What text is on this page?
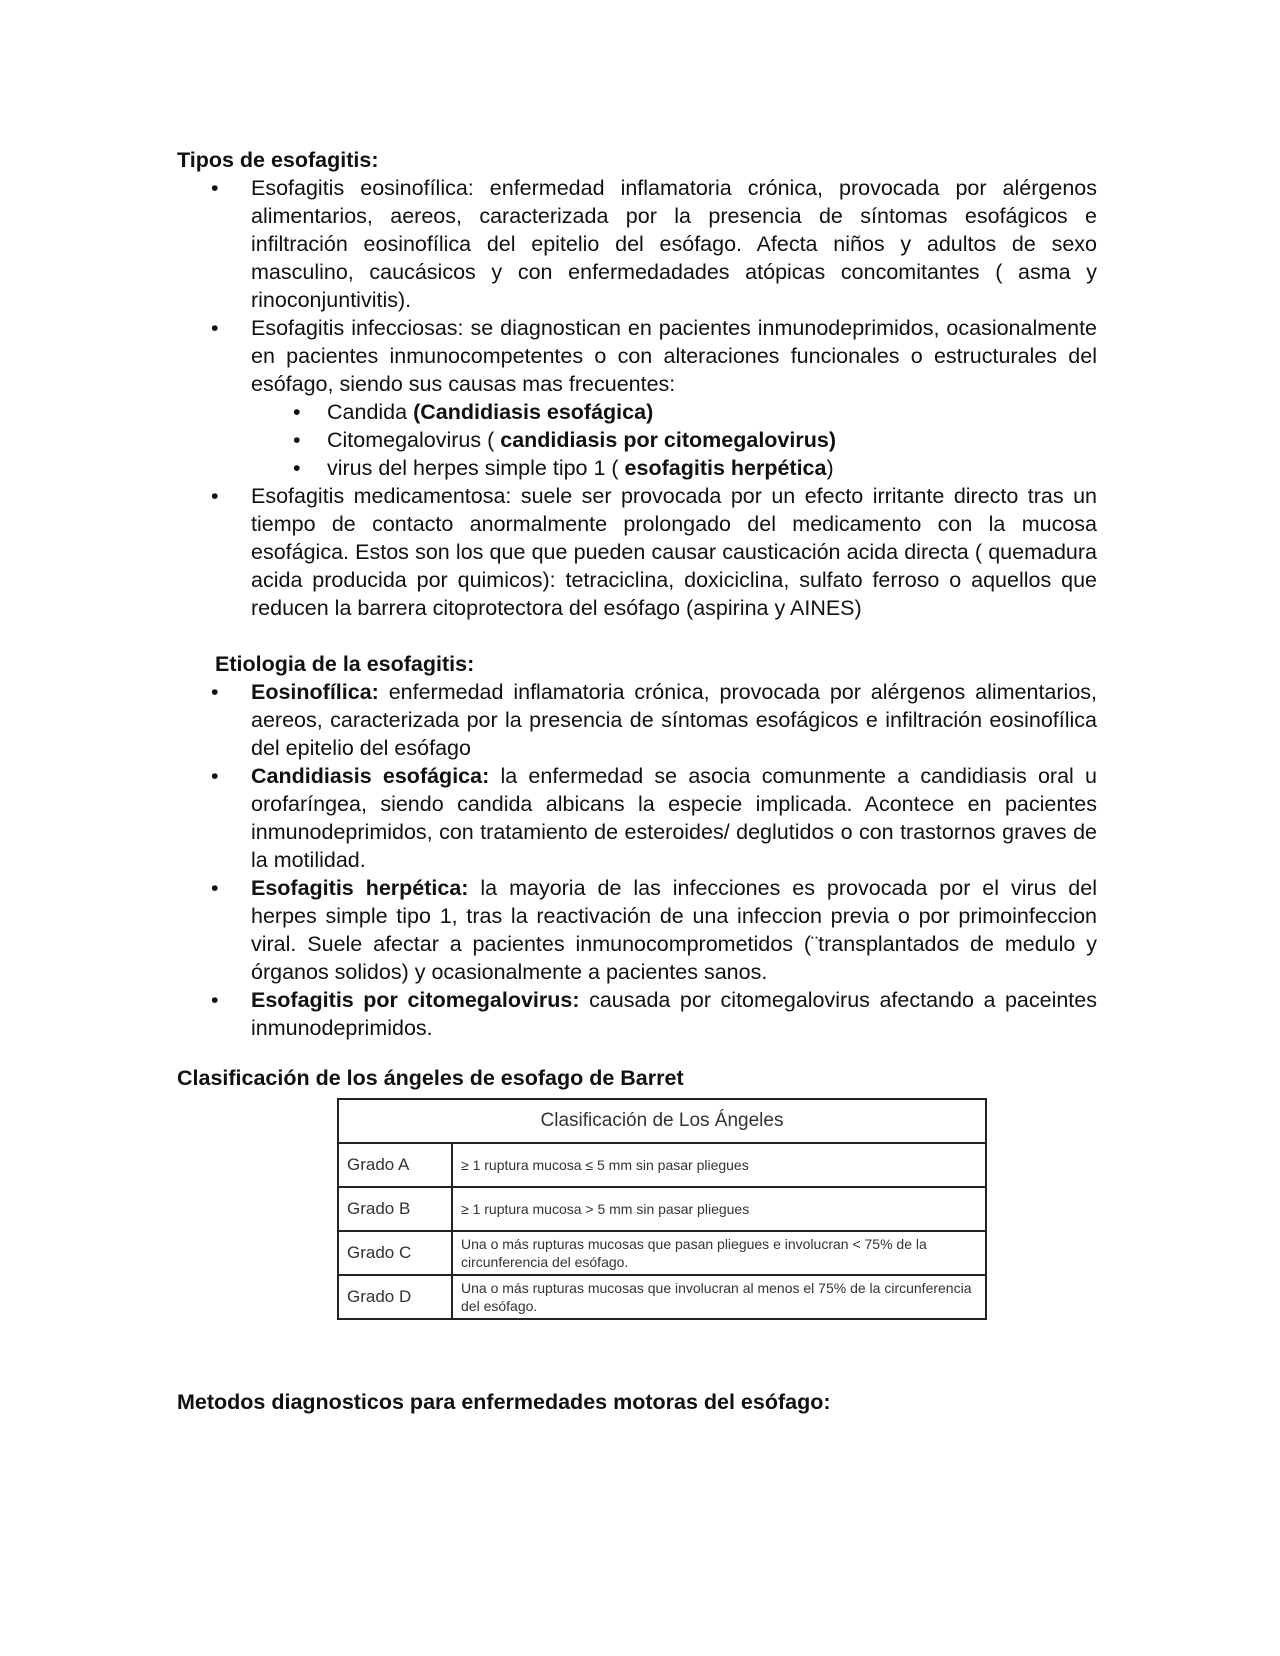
Tipos de esofagitis:
• Esofagitis eosinofílica: enfermedad inflamatoria crónica, provocada por alérgenos alimentarios, aereos, caracterizada por la presencia de síntomas esofágicos e infiltración eosinofílica del epitelio del esófago. Afecta niños y adultos de sexo masculino, caucásicos y con enfermedadades atópicas concomitantes ( asma y rinoconjuntivitis).
• Esofagitis infecciosas: se diagnostican en pacientes inmunodeprimidos, ocasionalmente en pacientes inmunocompetentes o con alteraciones funcionales o estructurales del esófago, siendo sus causas mas frecuentes:
• Candida (Candidiasis esofágica)
• Citomegalovirus ( candidiasis por citomegalovirus)
• virus del herpes simple tipo 1 ( esofagitis herpética)
• Esofagitis medicamentosa: suele ser provocada por un efecto irritante directo tras un tiempo de contacto anormalmente prolongado del medicamento con la mucosa esofágica. Estos son los que que pueden causar causticación acida directa ( quemadura acida producida por quimicos): tetraciclina, doxiciclina, sulfato ferroso o aquellos que reducen la barrera citoprotectora del esófago (aspirina y AINES)
Etiologia de la esofagitis:
• Eosinofílica: enfermedad inflamatoria crónica, provocada por alérgenos alimentarios, aereos, caracterizada por la presencia de síntomas esofágicos e infiltración eosinofílica del epitelio del esófago
• Candidiasis esofágica: la enfermedad se asocia comunmente a candidiasis oral u orofaríngea, siendo candida albicans la especie implicada. Acontece en pacientes inmunodeprimidos, con tratamiento de esteroides/ deglutidos o con trastornos graves de la motilidad.
• Esofagitis herpética: la mayoria de las infecciones es provocada por el virus del herpes simple tipo 1, tras la reactivación de una infeccion previa o por primoinfeccion viral. Suele afectar a pacientes inmunocomprometidos (¨transplantados de medulo y órganos solidos) y ocasionalmente a pacientes sanos.
• Esofagitis por citomegalovirus: causada por citomegalovirus afectando a paceintes inmunodeprimidos.
Clasificación de los ángeles de esofago de Barret
Clasificación de Los Ángeles	
Grado A	≥ 1 ruptura mucosa ≤ 5 mm sin pasar pliegues
Grado B	≥ 1 ruptura mucosa > 5 mm sin pasar pliegues
Grado C	Una o más rupturas mucosas que pasan pliegues e involucran < 75% de la circunferencia del esófago.
Grado D	Una o más rupturas mucosas que involucran al menos el 75% de la circunferencia del esófago.
Metodos diagnosticos para enfermedades motoras del esófago:
